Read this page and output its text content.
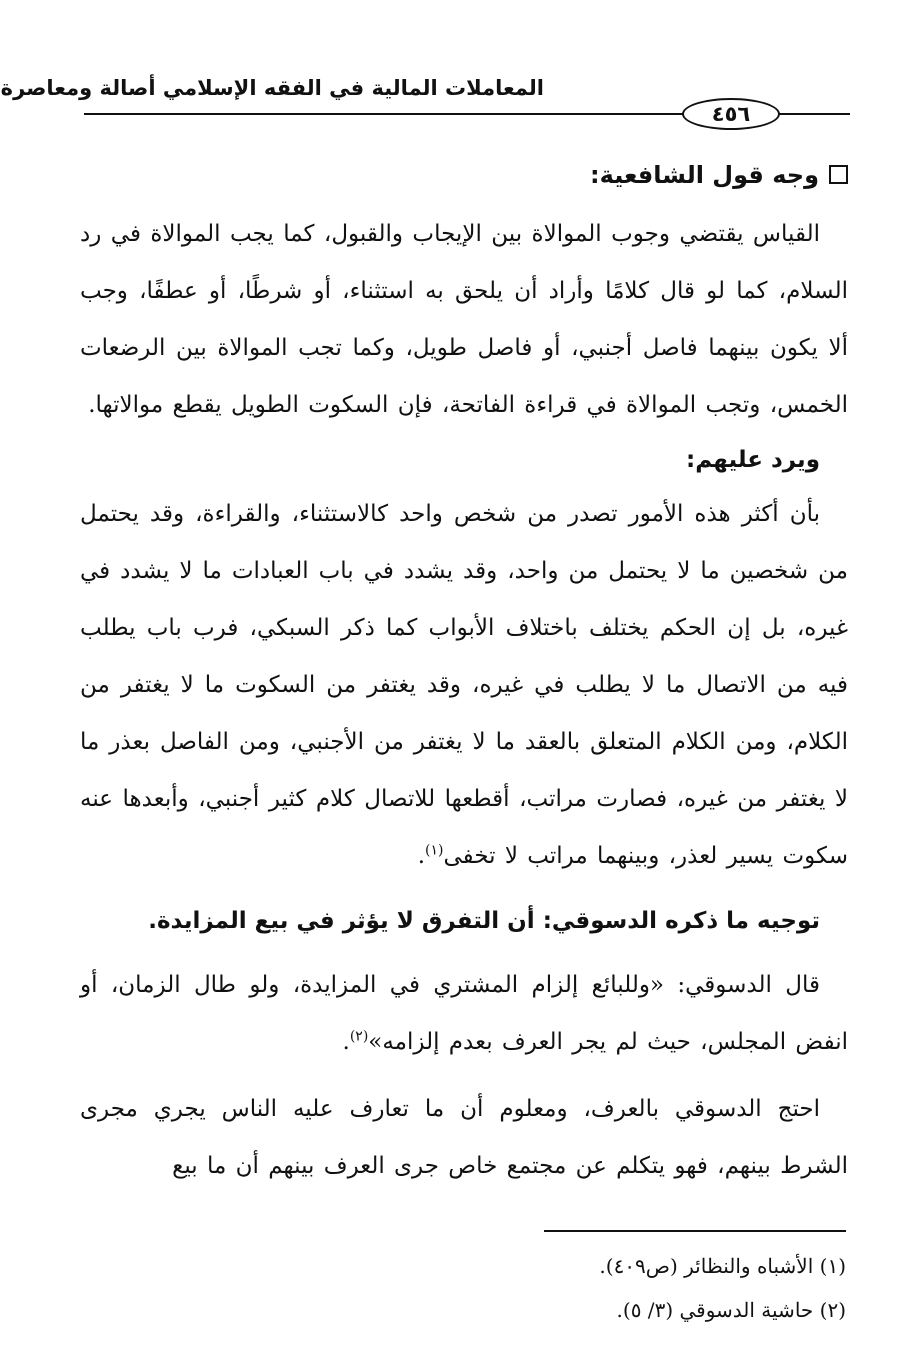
المعاملات المالية في الفقه الإسلامي أصالة ومعاصرة
٤٥٦
وجه قول الشافعية:

القياس يقتضي وجوب الموالاة بين الإيجاب والقبول، كما يجب الموالاة في رد السلام، كما لو قال كلامًا وأراد أن يلحق به استثناء، أو شرطًا، أو عطفًا، وجب ألا يكون بينهما فاصل أجنبي، أو فاصل طويل، وكما تجب الموالاة بين الرضعات الخمس، وتجب الموالاة في قراءة الفاتحة، فإن السكوت الطويل يقطع موالاتها.

ويرد عليهم:

بأن أكثر هذه الأمور تصدر من شخص واحد كالاستثناء، والقراءة، وقد يحتمل من شخصين ما لا يحتمل من واحد، وقد يشدد في باب العبادات ما لا يشدد في غيره، بل إن الحكم يختلف باختلاف الأبواب كما ذكر السبكي، فرب باب يطلب فيه من الاتصال ما لا يطلب في غيره، وقد يغتفر من السكوت ما لا يغتفر من الكلام، ومن الكلام المتعلق بالعقد ما لا يغتفر من الأجنبي، ومن الفاصل بعذر ما لا يغتفر من غيره، فصارت مراتب، أقطعها للاتصال كلام كثير أجنبي، وأبعدها عنه سكوت يسير لعذر، وبينهما مراتب لا تخفى$^{(١)}$.

توجيه ما ذكره الدسوقي: أن التفرق لا يؤثر في بيع المزايدة.

قال الدسوقي: «وللبائع إلزام المشتري في المزايدة، ولو طال الزمان، أو انفض المجلس، حيث لم يجر العرف بعدم إلزامه»$^{(٢)}$.

احتج الدسوقي بالعرف، ومعلوم أن ما تعارف عليه الناس يجري مجرى الشرط بينهم، فهو يتكلم عن مجتمع خاص جرى العرف بينهم أن ما بيع

(١) الأشباه والنظائر (ص٤٠٩).

(٢) حاشية الدسوقي (٣/ ٥).
